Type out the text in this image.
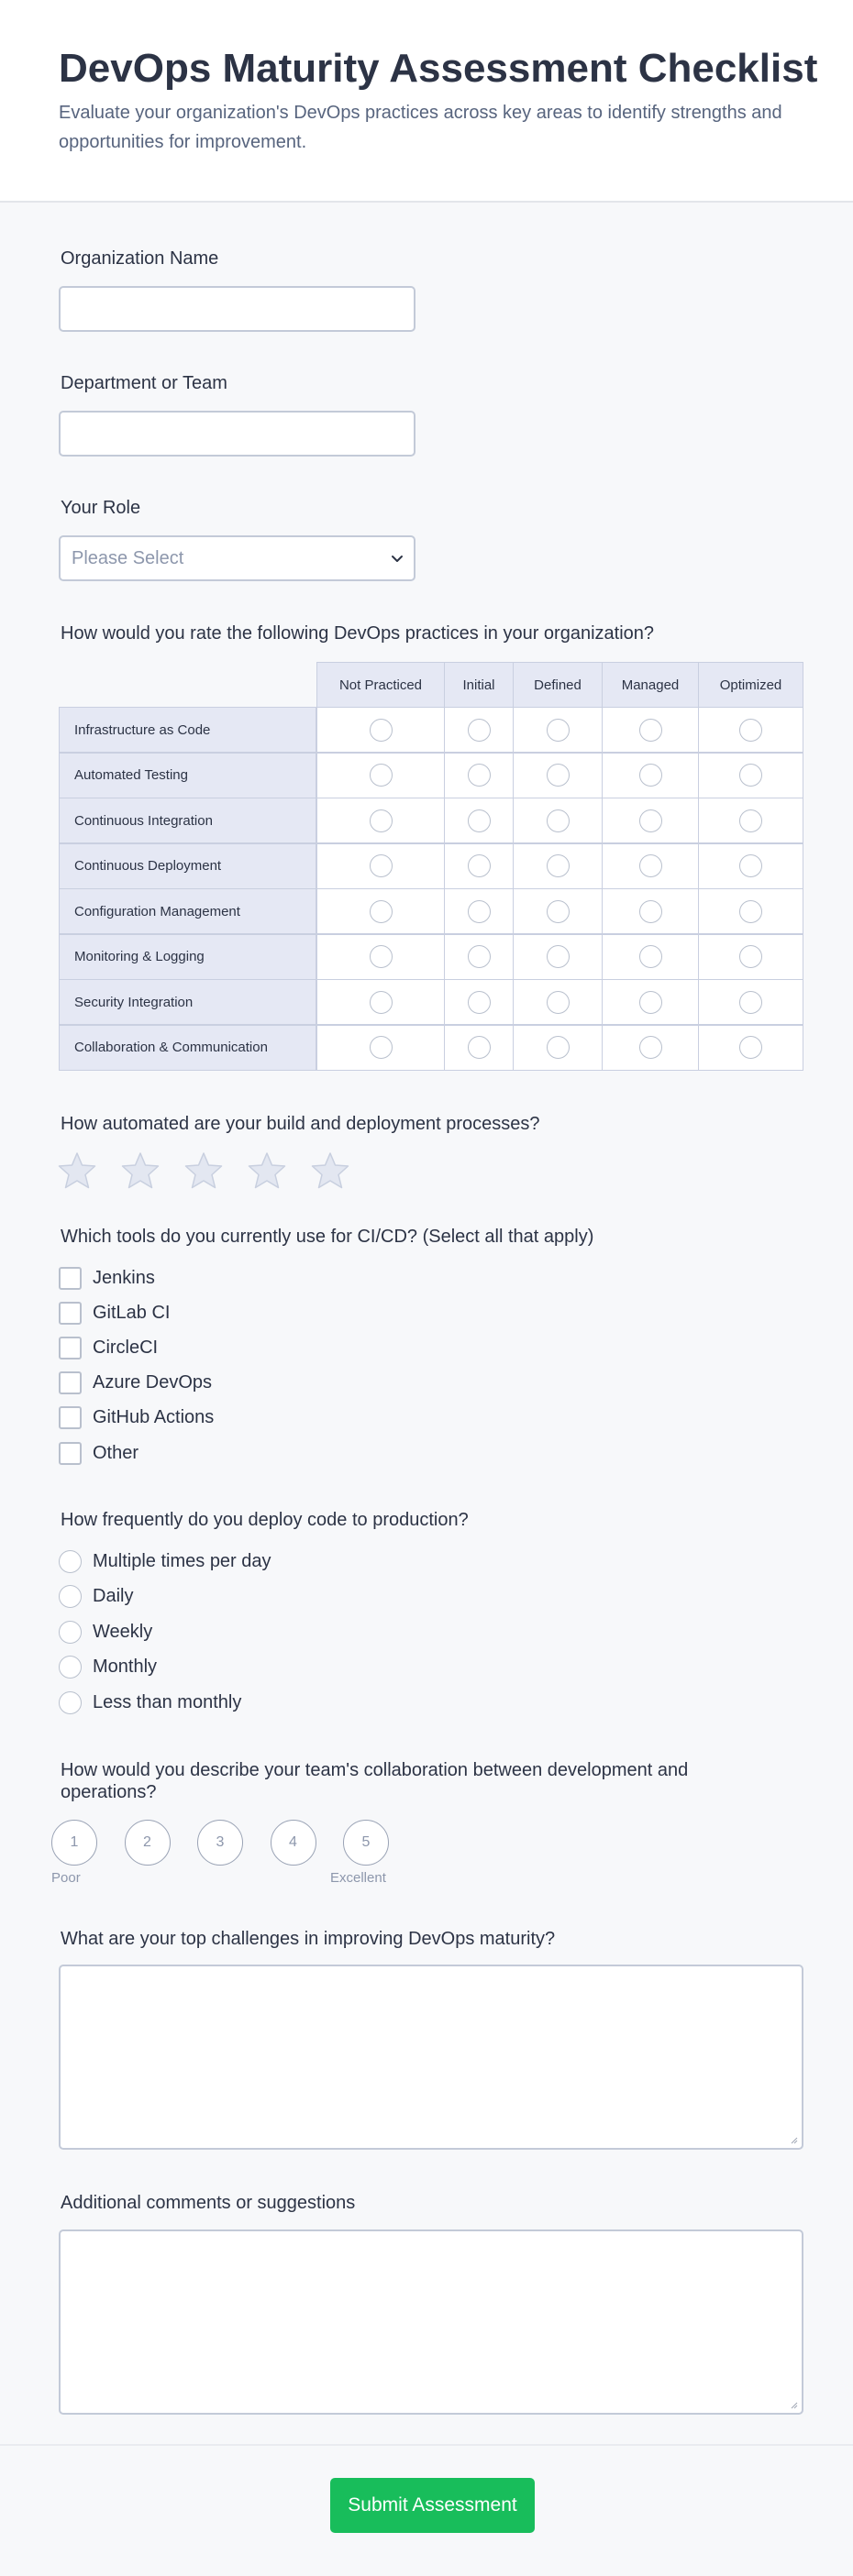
DevOps Maturity Assessment Checklist
Evaluate your organization's DevOps practices across key areas to identify strengths and opportunities for improvement.
Organization Name
Department or Team
Your Role
Please Select
How would you rate the following DevOps practices in your organization?
Not Practiced	Initial	Defined	Managed	Optimized
Infrastructure as Code
Automated Testing
Continuous Integration
Continuous Deployment
Configuration Management
Monitoring & Logging
Security Integration
Collaboration & Communication
How automated are your build and deployment processes?
Which tools do you currently use for CI/CD? (Select all that apply)
Jenkins
GitLab CI
CircleCI
Azure DevOps
GitHub Actions
Other
How frequently do you deploy code to production?
Multiple times per day
Daily
Weekly
Monthly
Less than monthly
How would you describe your team's collaboration between development and operations?
1	2	3	4	5
Poor	Excellent
What are your top challenges in improving DevOps maturity?
Additional comments or suggestions
Submit Assessment
